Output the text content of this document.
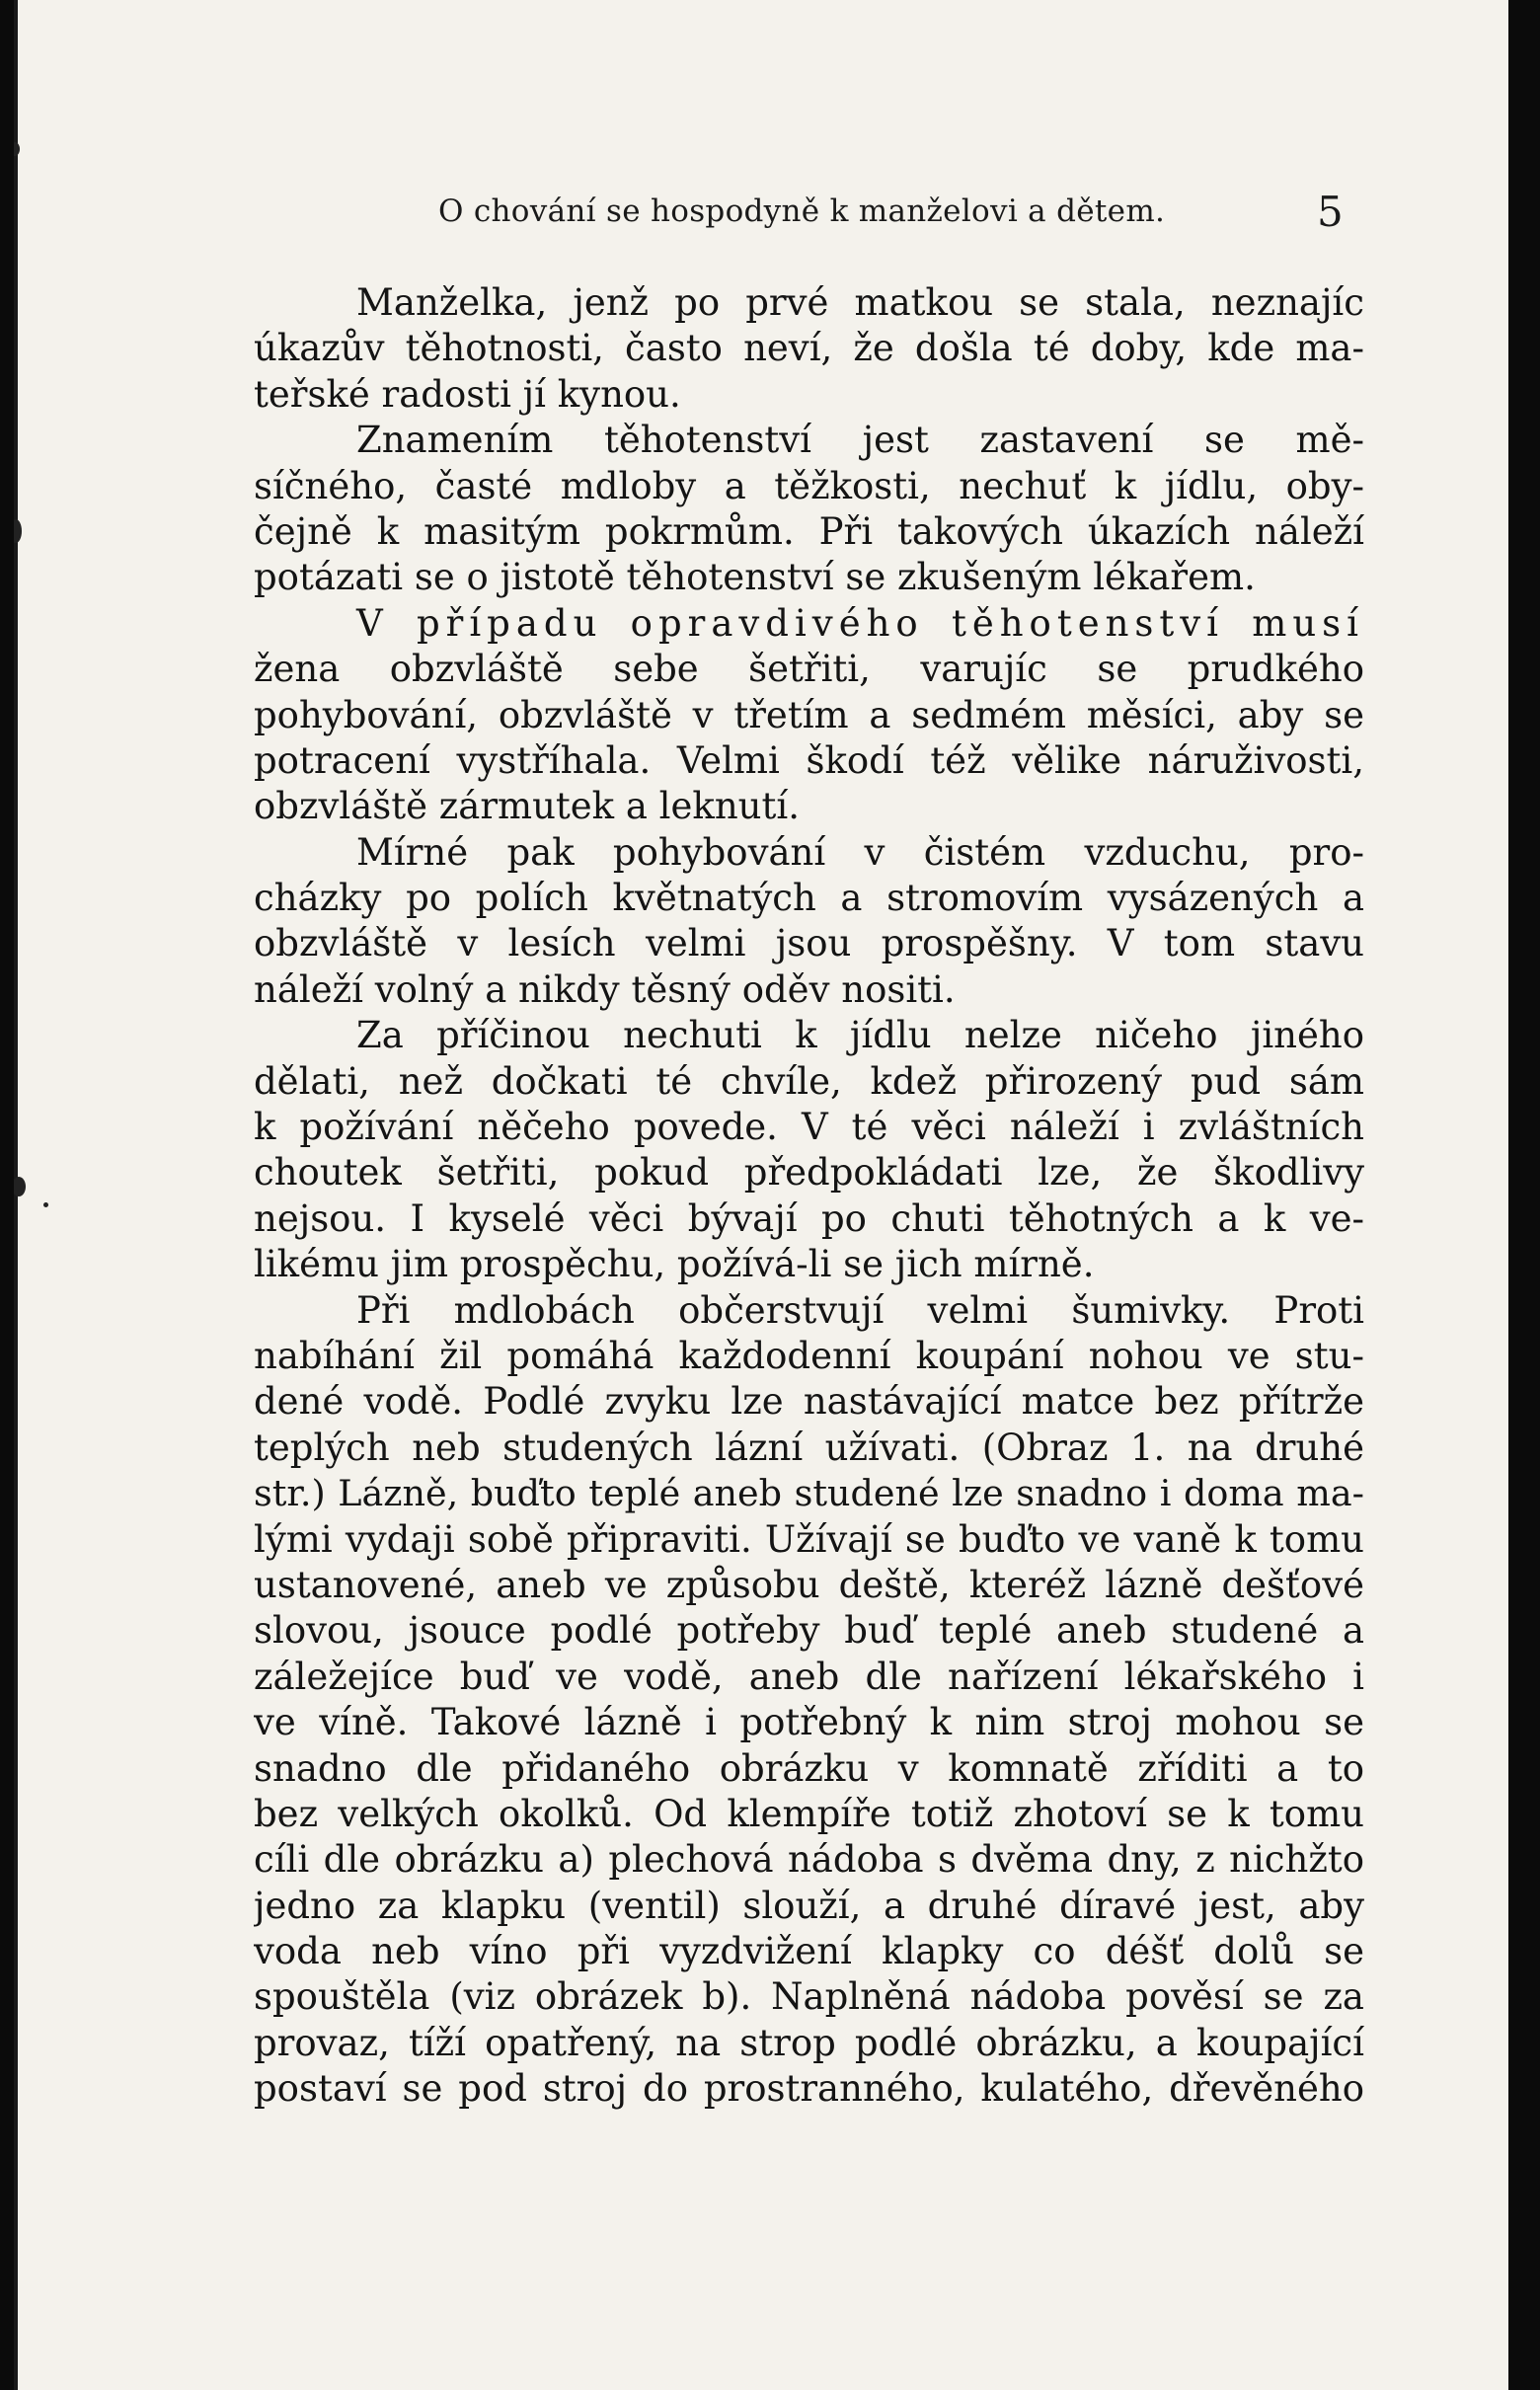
O chování se hospodyně k manželovi a dětem.	5
Manželka, jenž po prvé matkou se stala, neznajíc
úkazův těhotnosti, často neví, že došla té doby, kde ma-
teřské radosti jí kynou.
Znamením těhotenství jest zastavení se mě-
síčného, časté mdloby a těžkosti, nechuť k jídlu, oby-
čejně k masitým pokrmům. Při takových úkazích náleží
potázati se o jistotě těhotenství se zkušeným lékařem.
V případu opravdivého těhotenství musí
žena obzvláště sebe šetřiti, varujíc se prudkého
pohybování, obzvláště v třetím a sedmém měsíci, aby se
potracení vystříhala. Velmi škodí též vělike náruživosti,
obzvláště zármutek a leknutí.
Mírné pak pohybování v čistém vzduchu, pro-
cházky po polích květnatých a stromovím vysázených a
obzvláště v lesích velmi jsou prospěšny. V tom stavu
náleží volný a nikdy těsný oděv nositi.
Za příčinou nechuti k jídlu nelze ničeho jiného
dělati, než dočkati té chvíle, kdež přirozený pud sám
k požívání něčeho povede. V té věci náleží i zvláštních
choutek šetřiti, pokud předpokládati lze, že škodlivy
nejsou. I kyselé věci bývají po chuti těhotných a k ve-
likému jim prospěchu, požívá-li se jich mírně.
Při mdlobách občerstvují velmi šumivky. Proti
nabíhání žil pomáhá každodenní koupání nohou ve stu-
dené vodě. Podlé zvyku lze nastávající matce bez přítrže
teplých neb studených lázní užívati. (Obraz 1. na druhé
str.) Lázně, buďto teplé aneb studené lze snadno i doma ma-
lými vydaji sobě připraviti. Užívají se buďto ve vaně k tomu
ustanovené, aneb ve způsobu deště, kteréž lázně dešťové
slovou, jsouce podlé potřeby buď teplé aneb studené a
záležejíce buď ve vodě, aneb dle nařízení lékařského i
ve víně. Takové lázně i potřebný k nim stroj mohou se
snadno dle přidaného obrázku v komnatě zříditi a to
bez velkých okolků. Od klempíře totiž zhotoví se k tomu
cíli dle obrázku a) plechová nádoba s dvěma dny, z nichžto
jedno za klapku (ventil) slouží, a druhé díravé jest, aby
voda neb víno při vyzdvižení klapky co déšť dolů se
spouštěla (viz obrázek b). Naplněná nádoba pověsí se za
provaz, tíží opatřený, na strop podlé obrázku, a koupající
postaví se pod stroj do prostranného, kulatého, dřevěného
